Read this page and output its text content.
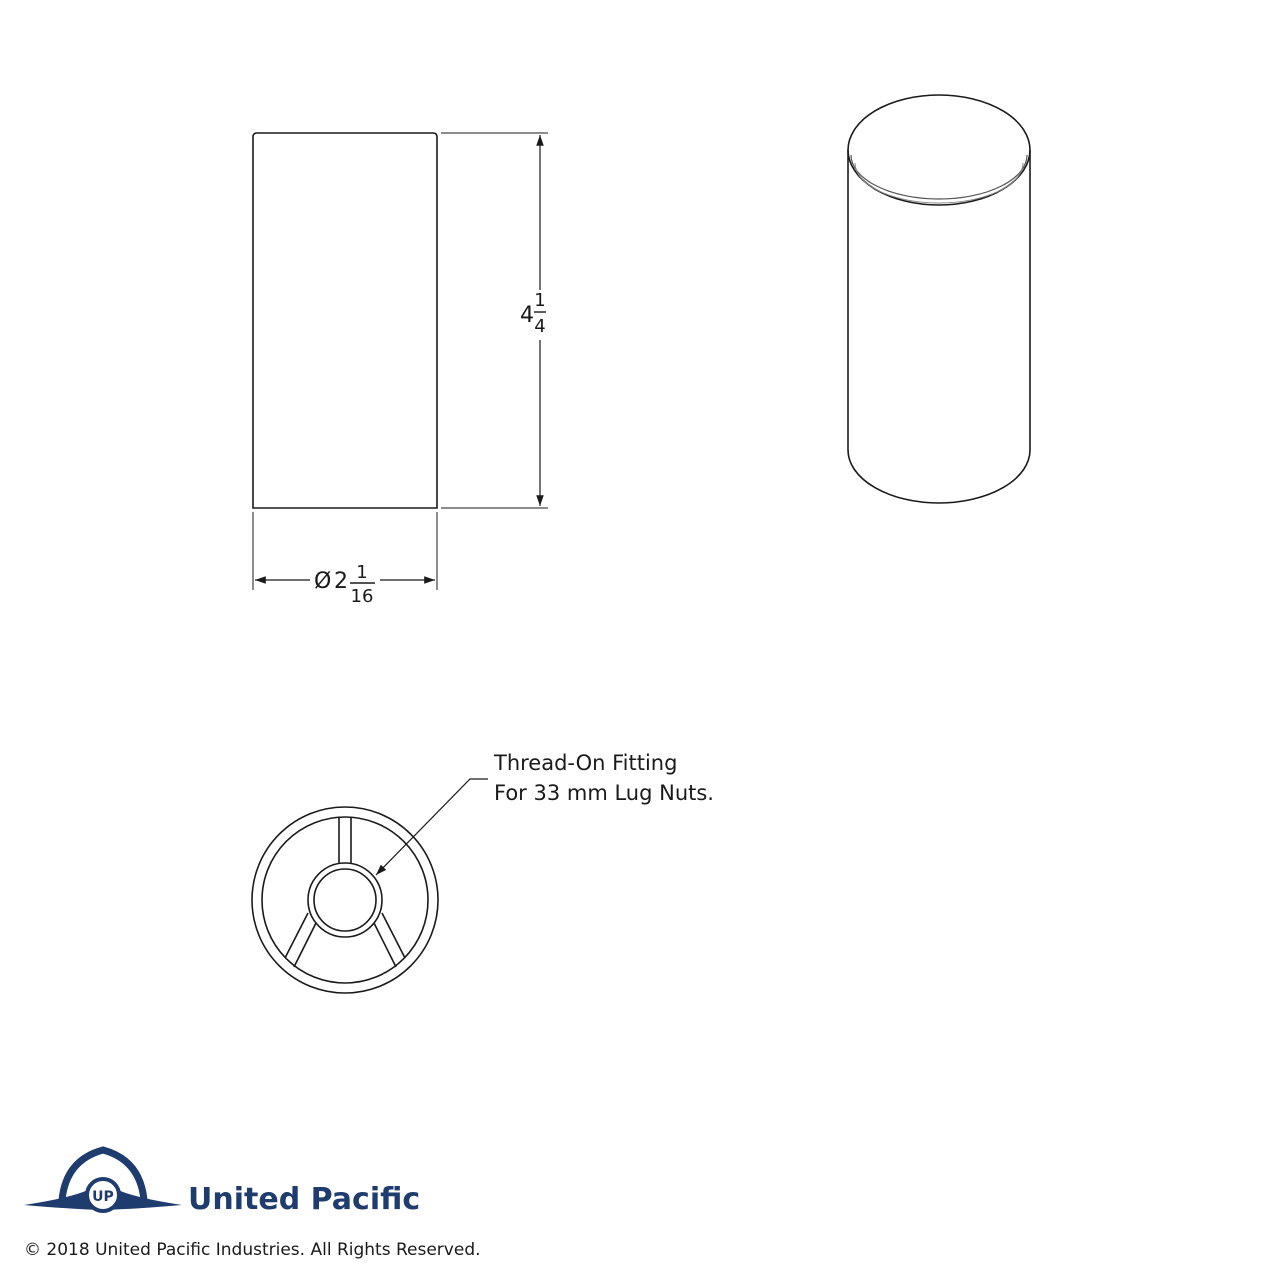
4
1
4
Ø 2 1
16
Thread-On Fitting
For 33 mm Lug Nuts.
UP United Pacific
© 2018 United Pacific Industries. All Rights Reserved.
